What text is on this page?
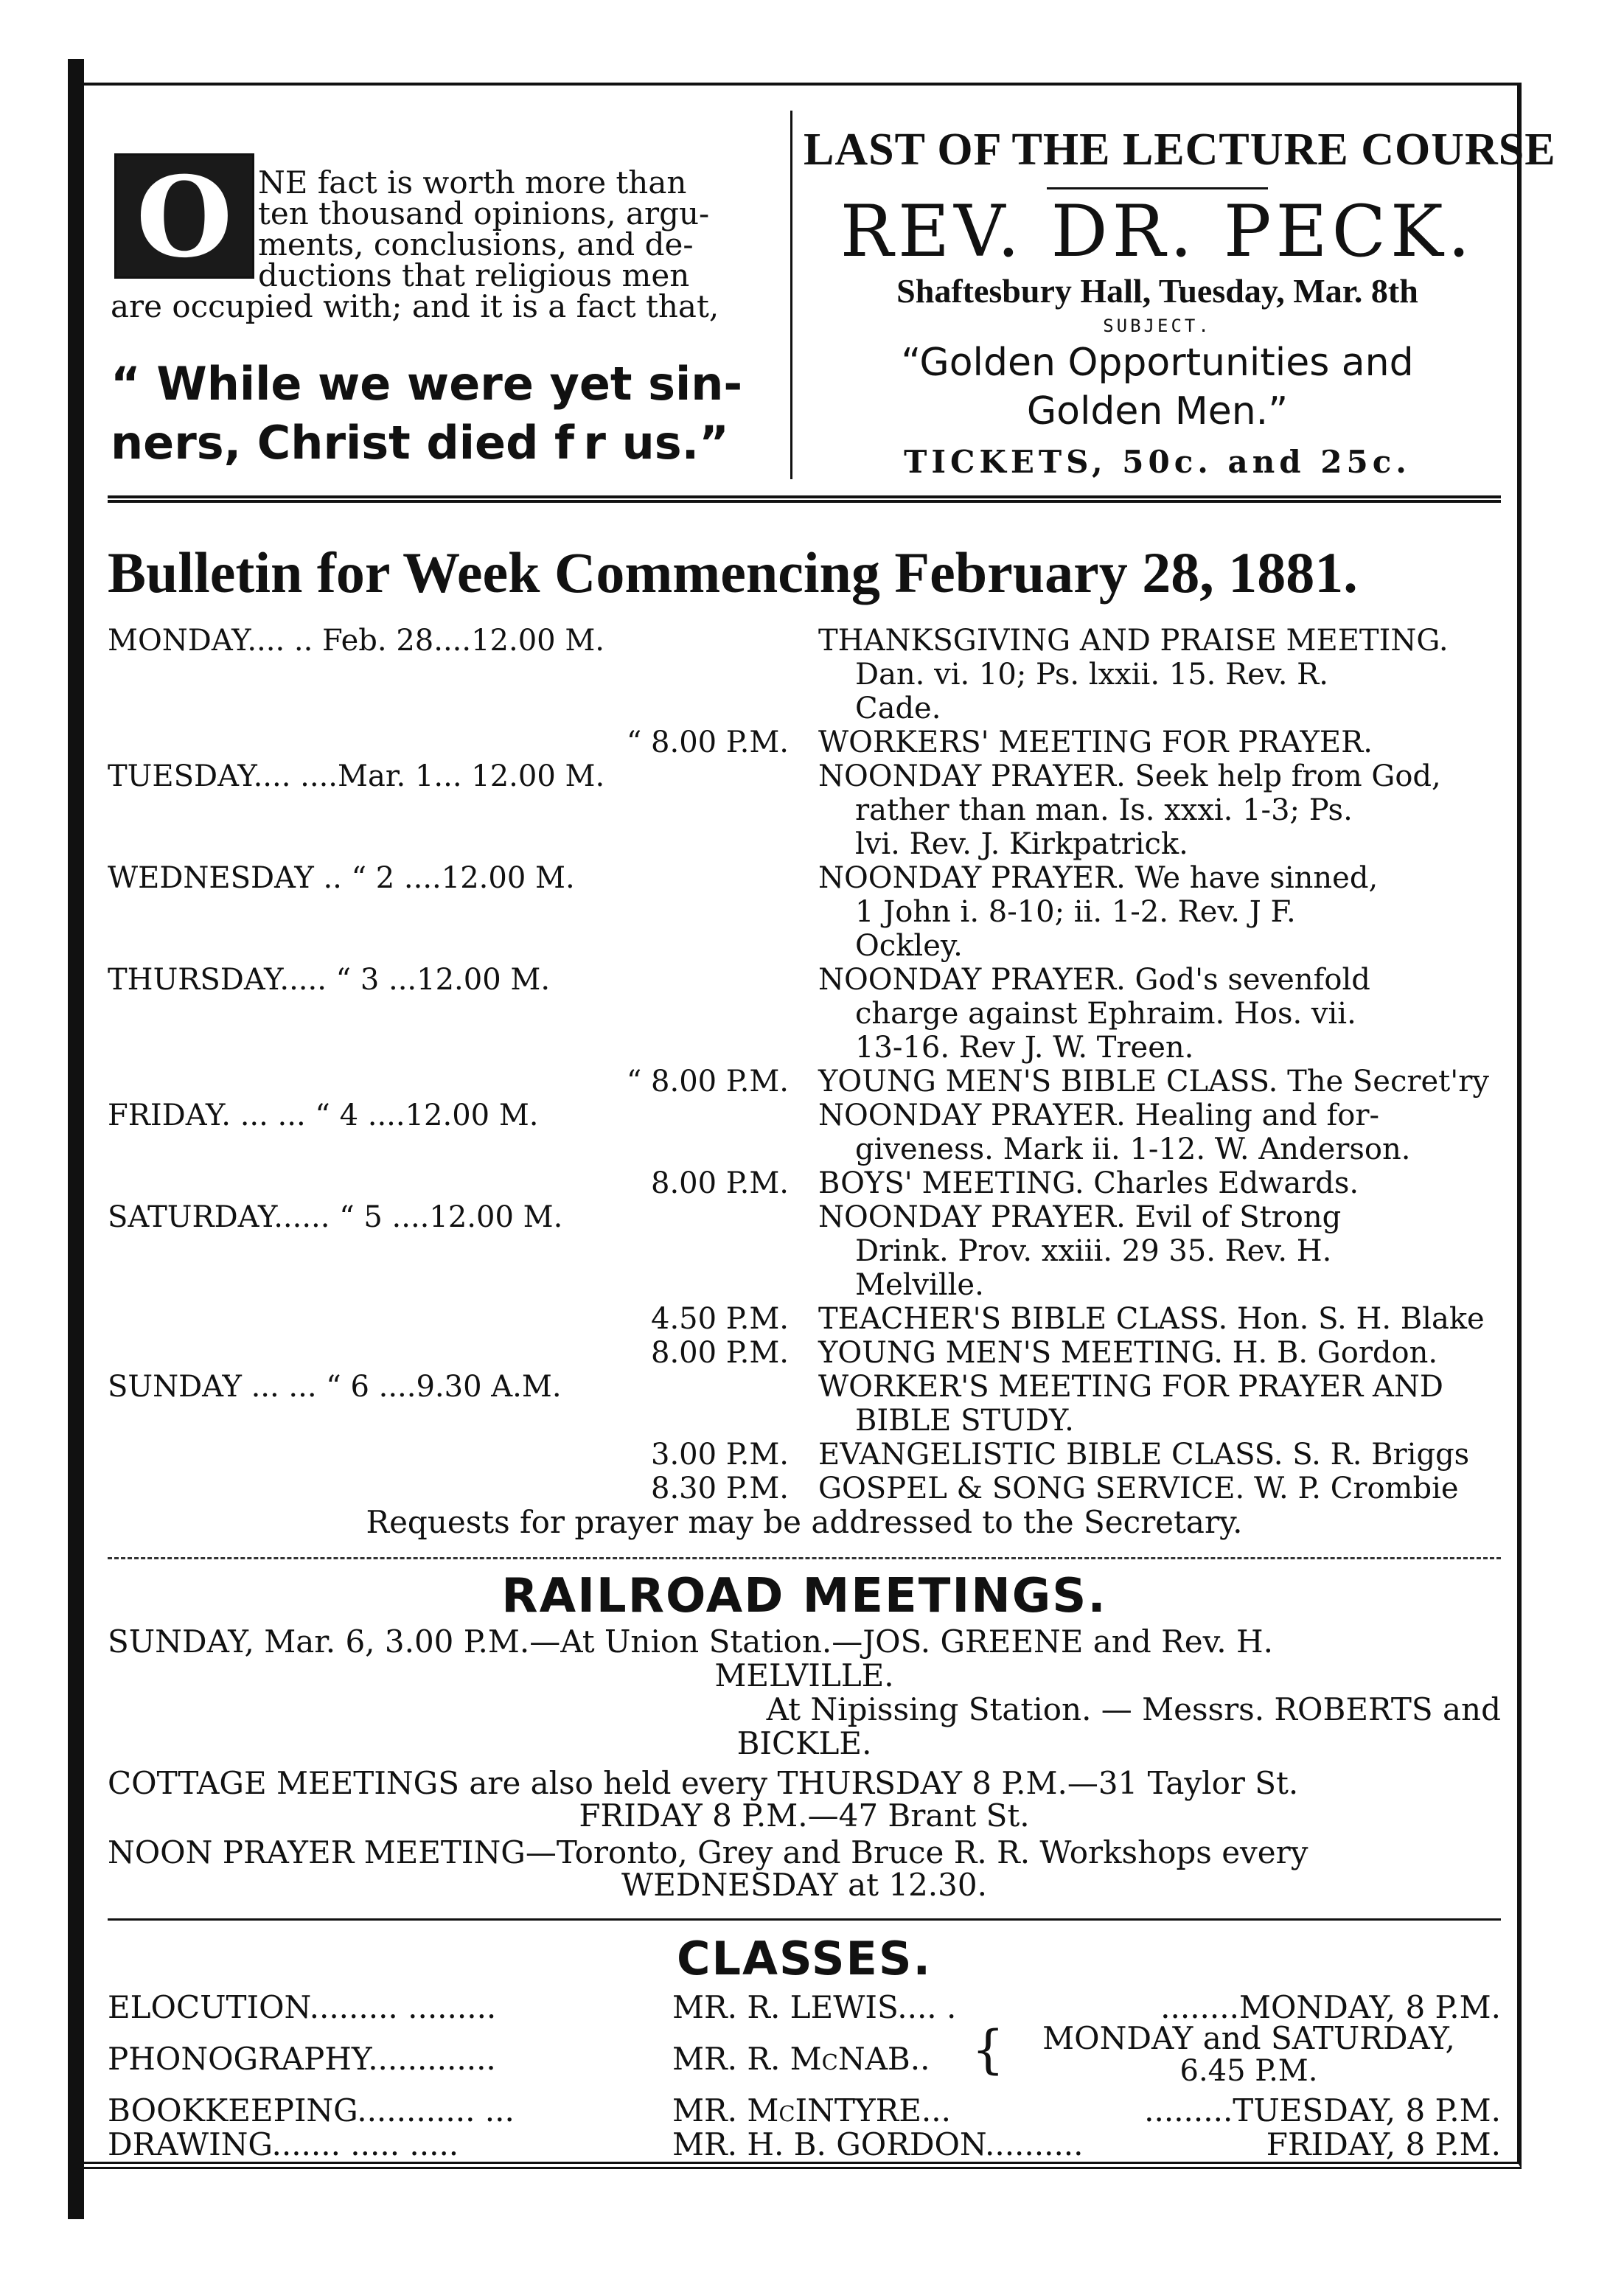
O NE fact is worth more than
ten thousand opinions, argu-
ments, conclusions, and de-
ductions that religious men
are occupied with; and it is a fact that,
“ While we were yet sin-
ners, Christ died f r us.”
LAST OF THE LECTURE COURSE
REV. DR. PECK.
Shaftesbury Hall, Tuesday, Mar. 8th
SUBJECT.
“Golden Opportunities and
Golden Men.”
TICKETS, 50c. and 25c.
Bulletin for Week Commencing February 28, 1881.
MONDAY.... .. Feb. 28....12.00 M.	THANKSGIVING AND PRAISE MEETING.
Dan. vi. 10; Ps. lxxii. 15. Rev. R.
Cade.
“ 8.00 P.M. WORKERS' MEETING FOR PRAYER.
TUESDAY.... ....Mar. 1... 12.00 M.	NOONDAY PRAYER. Seek help from God,
rather than man. Is. xxxi. 1-3; Ps.
lvi. Rev. J. Kirkpatrick.
WEDNESDAY .. “ 2 ....12.00 M.	NOONDAY PRAYER. We have sinned,
1 John i. 8-10; ii. 1-2. Rev. J F.
Ockley.
THURSDAY..... “ 3 ...12.00 M.	NOONDAY PRAYER. God's sevenfold
charge against Ephraim. Hos. vii.
13-16. Rev J. W. Treen.
“ 8.00 P.M. YOUNG MEN'S BIBLE CLASS. The Secret'ry
FRIDAY. ... ... “ 4 ....12.00 M.	NOONDAY PRAYER. Healing and for-
giveness. Mark ii. 1-12. W. Anderson.
8.00 P.M. BOYS' MEETING. Charles Edwards.
SATURDAY...... “ 5 ....12.00 M.	NOONDAY PRAYER. Evil of Strong
Drink. Prov. xxiii. 29 35. Rev. H.
Melville.
4.50 P.M. TEACHER'S BIBLE CLASS. Hon. S. H. Blake
8.00 P.M. YOUNG MEN'S MEETING. H. B. Gordon.
SUNDAY ... ... “ 6 ....9.30 A.M.	WORKER'S MEETING FOR PRAYER AND
BIBLE STUDY.
3.00 P.M. EVANGELISTIC BIBLE CLASS. S. R. Briggs
8.30 P.M. GOSPEL & SONG SERVICE. W. P. Crombie
Requests for prayer may be addressed to the Secretary.
RAILROAD MEETINGS.
SUNDAY, Mar. 6, 3.00 P.M.—At Union Station.—JOS. GREENE and Rev. H.
MELVILLE.
At Nipissing Station. — Messrs. ROBERTS and
BICKLE.
COTTAGE MEETINGS are also held every THURSDAY 8 P.M.—31 Taylor St.
FRIDAY 8 P.M.—47 Brant St.
NOON PRAYER MEETING—Toronto, Grey and Bruce R. R. Workshops every
WEDNESDAY at 12.30.
CLASSES.
ELOCUTION......... .........	MR. R. LEWIS.... .	........MONDAY, 8 P.M.
PHONOGRAPHY.............	MR. R. McNAB.. {	MONDAY and SATURDAY,
6.45 P.M.
BOOKKEEPING............ ...	MR. McINTYRE...	.........TUESDAY, 8 P.M.
DRAWING....... ..... .....	MR. H. B. GORDON..........	FRIDAY, 8 P.M.
